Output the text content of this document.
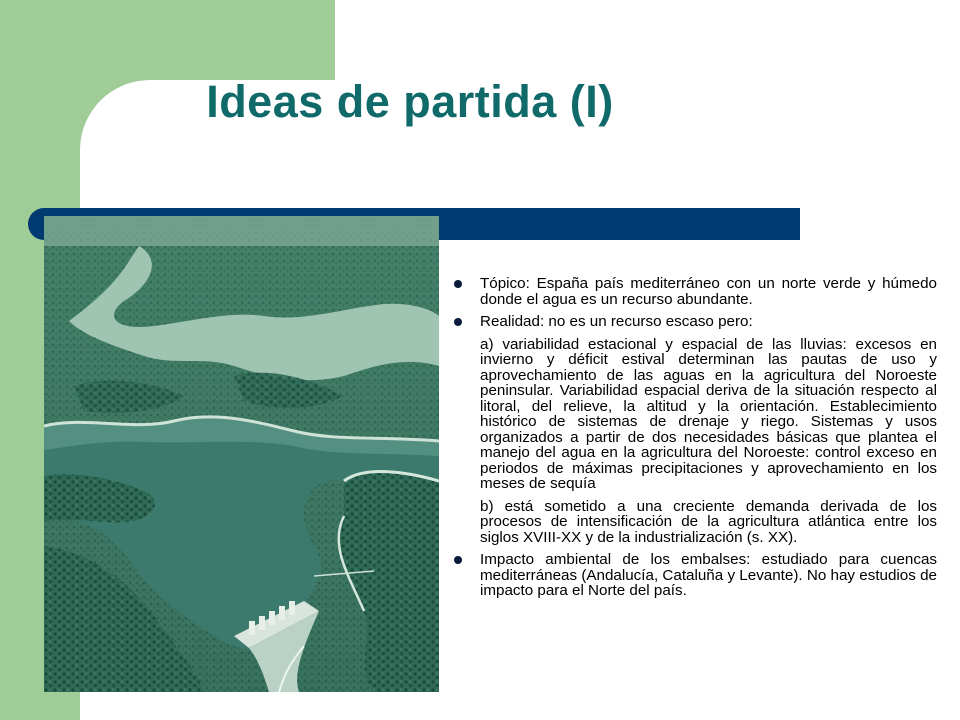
Ideas de partida (I)
Tópico: España país mediterráneo con un norte verde y húmedo donde el agua es un recurso abundante.
Realidad: no es un recurso escaso pero:
a) variabilidad estacional y espacial de las lluvias: excesos en invierno y déficit estival determinan las pautas de uso y aprovechamiento de las aguas en la agricultura del Noroeste peninsular. Variabilidad espacial deriva de la situación respecto al litoral, del relieve, la altitud y la orientación. Establecimiento histórico de sistemas de drenaje y riego. Sistemas y usos organizados a partir de dos necesidades básicas que plantea el manejo del agua en la agricultura del Noroeste: control exceso en periodos de máximas precipitaciones y aprovechamiento en los meses de sequía
b) está sometido a una creciente demanda derivada de los procesos de intensificación de la agricultura atlántica entre los siglos XVIII-XX y de la industrialización (s. XX).
Impacto ambiental de los embalses: estudiado para cuencas mediterráneas (Andalucía, Cataluña y Levante). No hay estudios de impacto para el Norte del país.
